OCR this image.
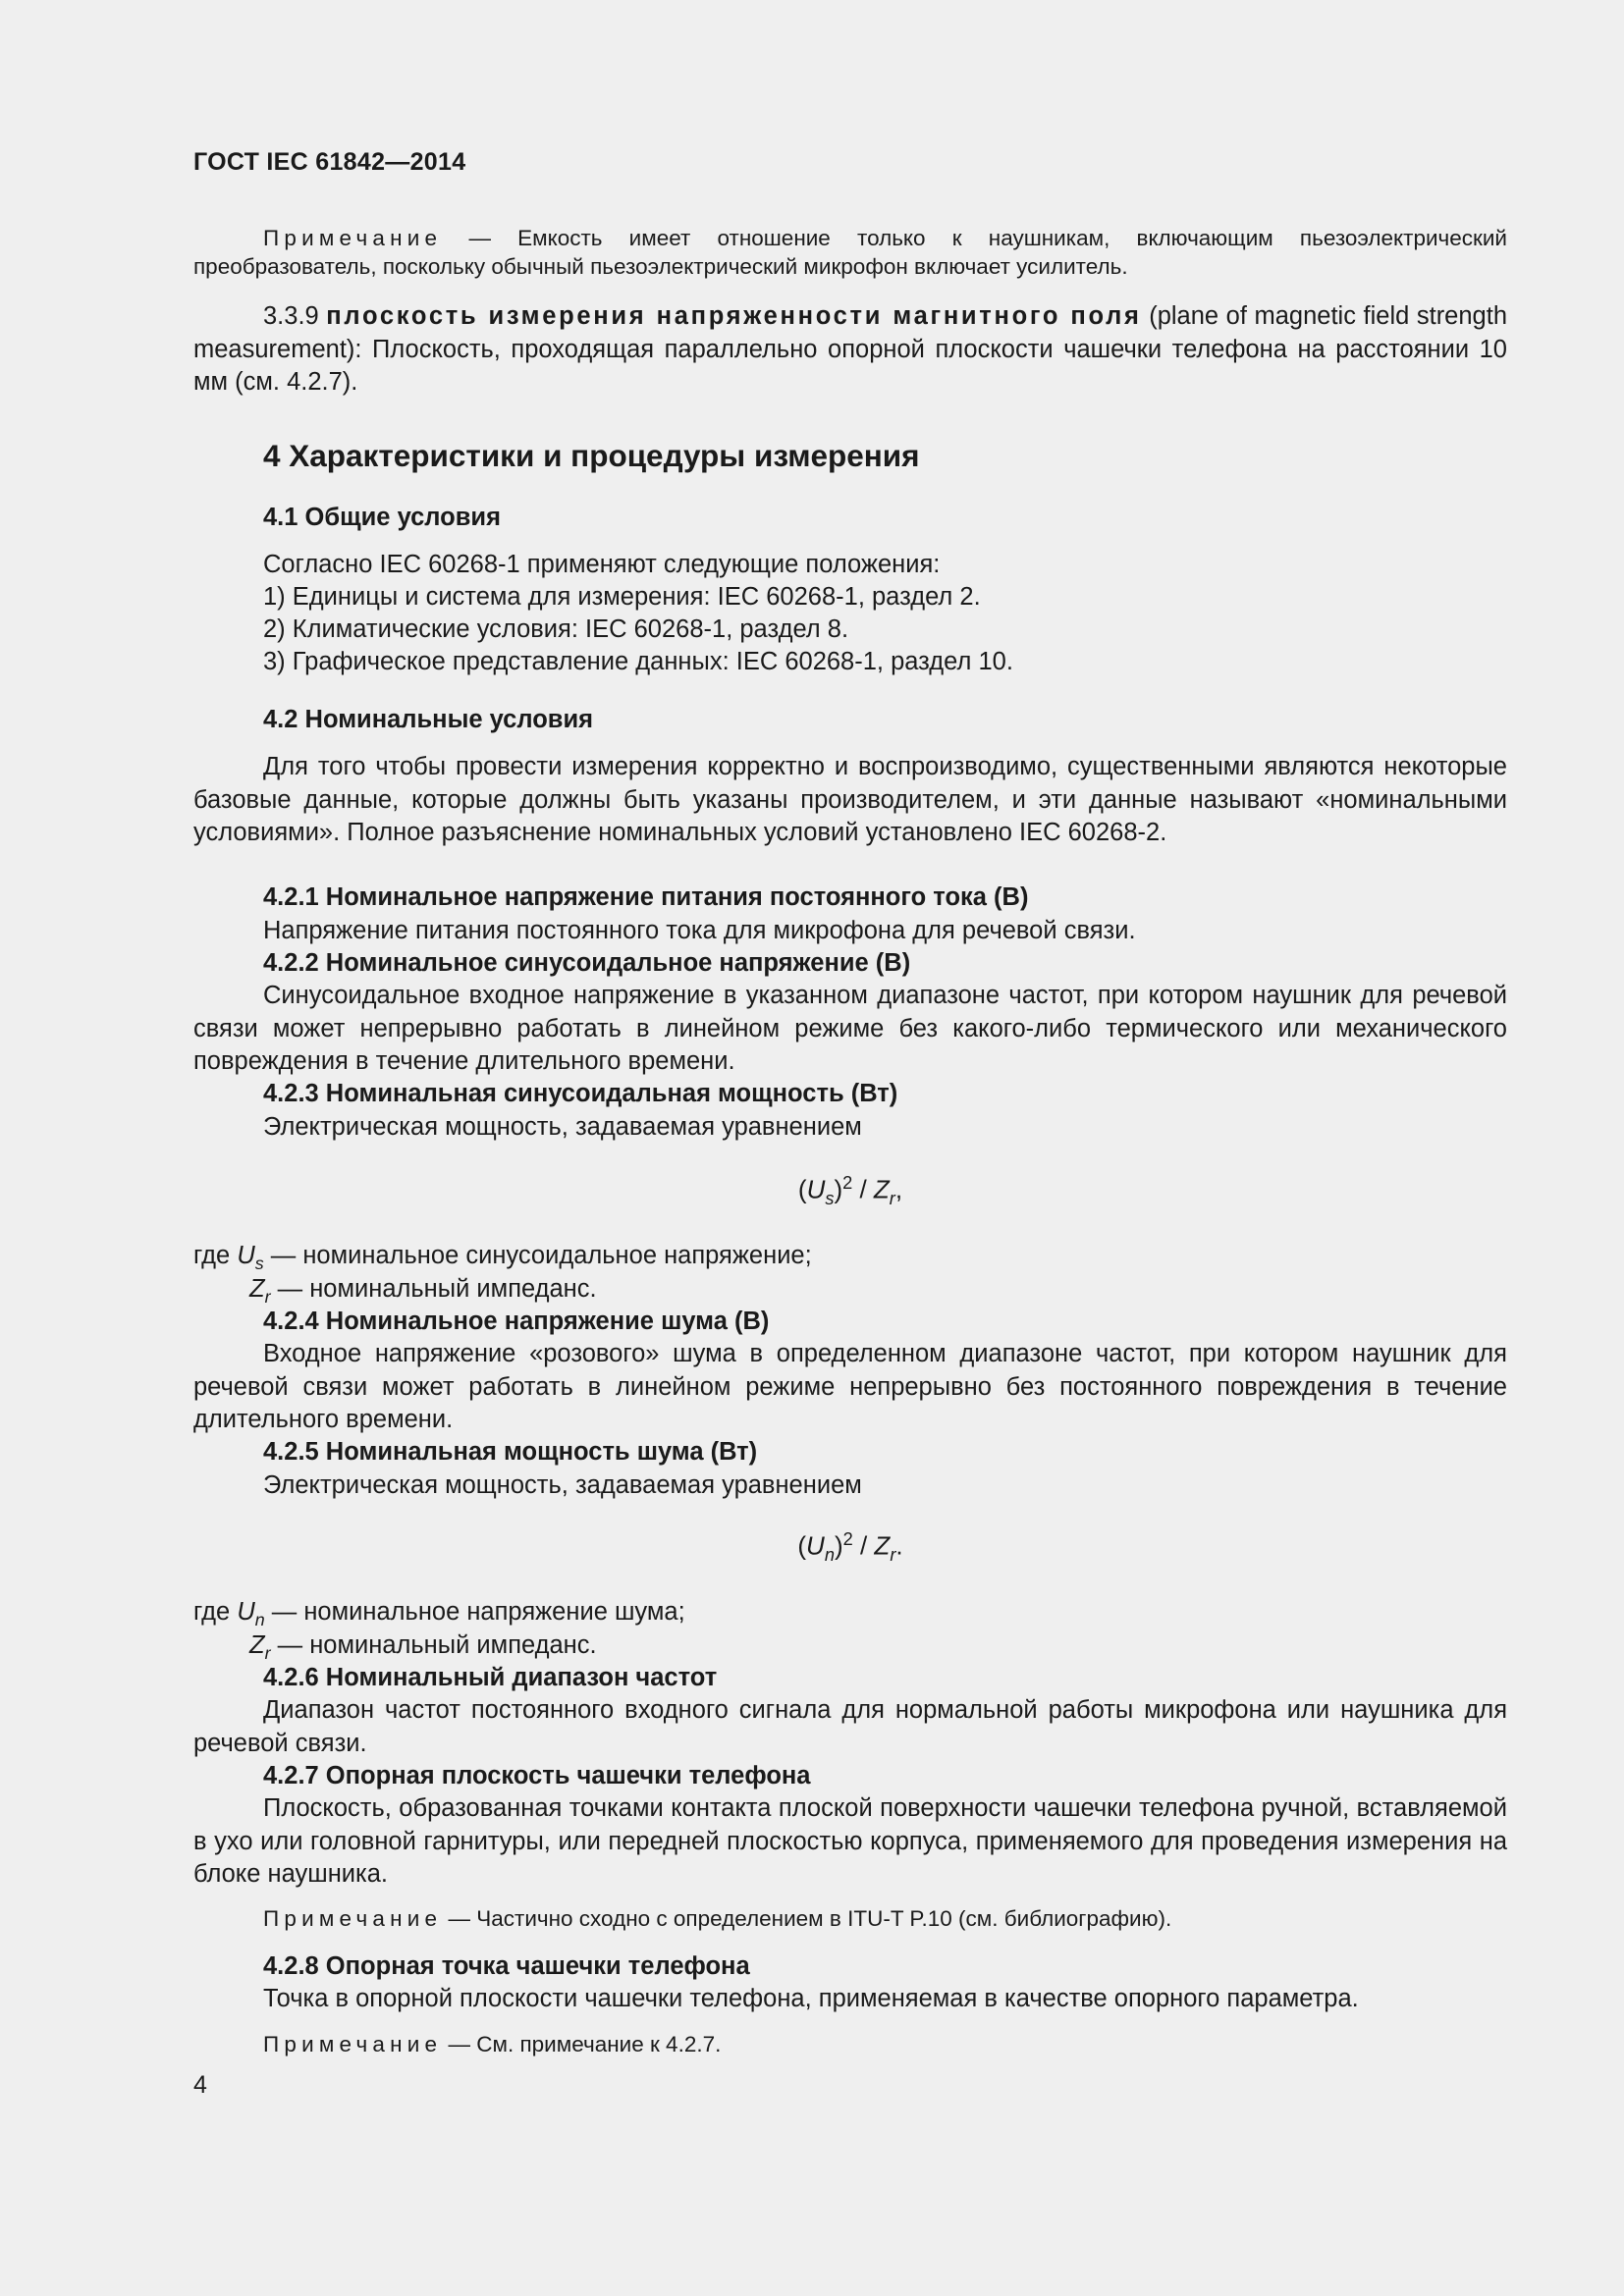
ГОСТ IEC 61842—2014
Примечание — Емкость имеет отношение только к наушникам, включающим пьезоэлектрический преобразователь, поскольку обычный пьезоэлектрический микрофон включает усилитель.
3.3.9 плоскость измерения напряженности магнитного поля (plane of magnetic field strength measurement): Плоскость, проходящая параллельно опорной плоскости чашечки телефона на расстоянии 10 мм (см. 4.2.7).
4 Характеристики и процедуры измерения
4.1 Общие условия
Согласно IEC 60268-1 применяют следующие положения:
1) Единицы и система для измерения: IEC 60268-1, раздел 2.
2) Климатические условия: IEC 60268-1, раздел 8.
3) Графическое представление данных: IEC 60268-1, раздел 10.
4.2 Номинальные условия
Для того чтобы провести измерения корректно и воспроизводимо, существенными являются некоторые базовые данные, которые должны быть указаны производителем, и эти данные называют «номинальными условиями». Полное разъяснение номинальных условий установлено IEC 60268-2.
4.2.1 Номинальное напряжение питания постоянного тока (В)
Напряжение питания постоянного тока для микрофона для речевой связи.
4.2.2 Номинальное синусоидальное напряжение (В)
Синусоидальное входное напряжение в указанном диапазоне частот, при котором наушник для речевой связи может непрерывно работать в линейном режиме без какого-либо термического или механического повреждения в течение длительного времени.
4.2.3 Номинальная синусоидальная мощность (Вт)
Электрическая мощность, задаваемая уравнением
$(U_s)^2 / Z_r$,
где $U_s$ — номинальное синусоидальное напряжение;
$Z_r$ — номинальный импеданс.
4.2.4 Номинальное напряжение шума (В)
Входное напряжение «розового» шума в определенном диапазоне частот, при котором наушник для речевой связи может работать в линейном режиме непрерывно без постоянного повреждения в течение длительного времени.
4.2.5 Номинальная мощность шума (Вт)
Электрическая мощность, задаваемая уравнением
$(U_n)^2 / Z_r$.
где $U_n$ — номинальное напряжение шума;
$Z_r$ — номинальный импеданс.
4.2.6 Номинальный диапазон частот
Диапазон частот постоянного входного сигнала для нормальной работы микрофона или наушника для речевой связи.
4.2.7 Опорная плоскость чашечки телефона
Плоскость, образованная точками контакта плоской поверхности чашечки телефона ручной, вставляемой в ухо или головной гарнитуры, или передней плоскостью корпуса, применяемого для проведения измерения на блоке наушника.
Примечание — Частично сходно с определением в ITU-T P.10 (см. библиографию).
4.2.8 Опорная точка чашечки телефона
Точка в опорной плоскости чашечки телефона, применяемая в качестве опорного параметра.
Примечание — См. примечание к 4.2.7.
4
